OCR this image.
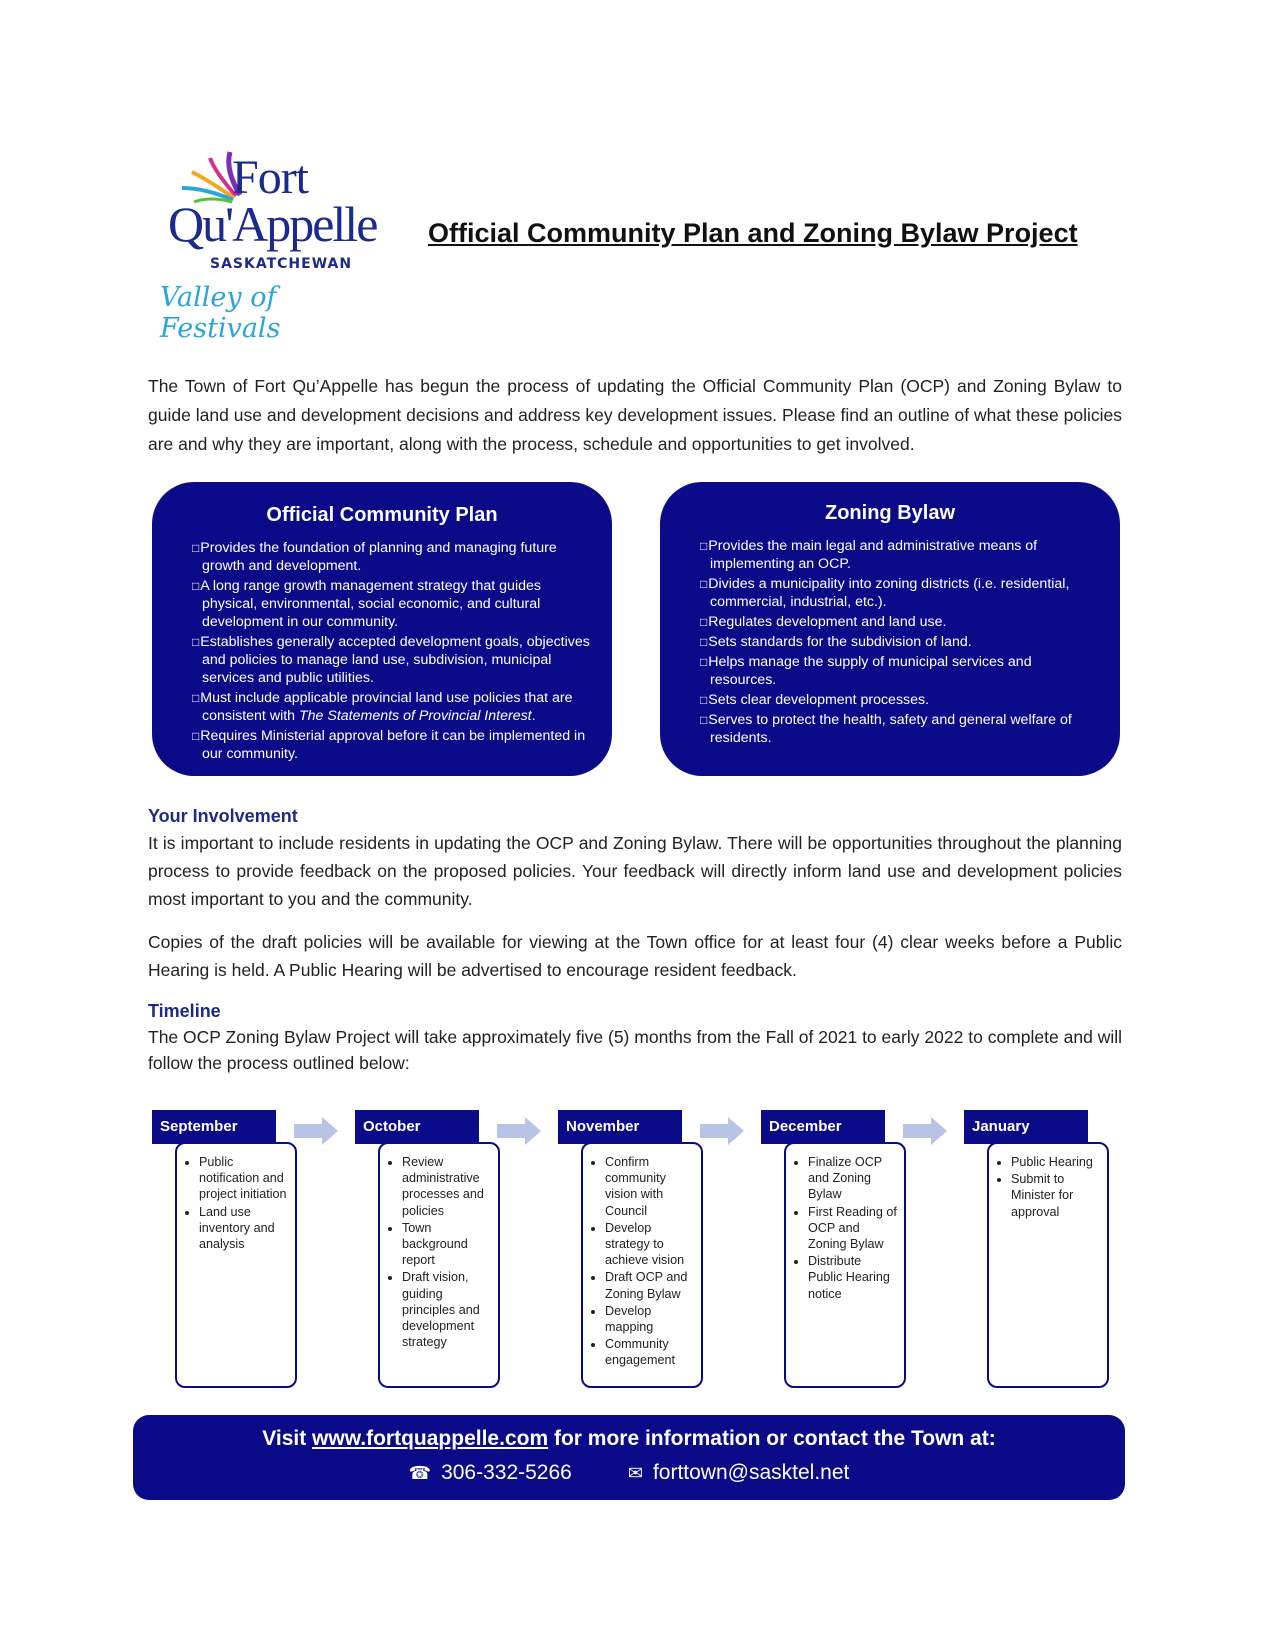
Fort
Qu'Appelle
SASKATCHEWAN
Valley of Festivals
Official Community Plan and Zoning Bylaw Project
The Town of Fort Qu’Appelle has begun the process of updating the Official Community Plan (OCP) and Zoning Bylaw to guide land use and development decisions and address key development issues. Please find an outline of what these policies are and why they are important, along with the process, schedule and opportunities to get involved.
Official Community Plan
□ Provides the foundation of planning and managing future growth and development.
□ A long range growth management strategy that guides physical, environmental, social economic, and cultural development in our community.
□ Establishes generally accepted development goals, objectives and policies to manage land use, subdivision, municipal services and public utilities.
□ Must include applicable provincial land use policies that are consistent with The Statements of Provincial Interest.
□ Requires Ministerial approval before it can be implemented in our community.
Zoning Bylaw
□ Provides the main legal and administrative means of implementing an OCP.
□ Divides a municipality into zoning districts (i.e. residential, commercial, industrial, etc.).
□ Regulates development and land use.
□ Sets standards for the subdivision of land.
□ Helps manage the supply of municipal services and resources.
□ Sets clear development processes.
□ Serves to protect the health, safety and general welfare of residents.
Your Involvement
It is important to include residents in updating the OCP and Zoning Bylaw. There will be opportunities throughout the planning process to provide feedback on the proposed policies. Your feedback will directly inform land use and development policies most important to you and the community.
Copies of the draft policies will be available for viewing at the Town office for at least four (4) clear weeks before a Public Hearing is held. A Public Hearing will be advertised to encourage resident feedback.
Timeline
The OCP Zoning Bylaw Project will take approximately five (5) months from the Fall of 2021 to early 2022 to complete and will follow the process outlined below:
• Public notification and project initiation
• Land use inventory and analysis
• Review administrative processes and policies
• Town background report
• Draft vision, guiding principles and development strategy
• Confirm community vision with Council
• Develop strategy to achieve vision
• Draft OCP and Zoning Bylaw
• Develop mapping
• Community engagement
• Finalize OCP and Zoning Bylaw
• First Reading of OCP and Zoning Bylaw
• Distribute Public Hearing notice
• Public Hearing
• Submit to Minister for approval
September	October	November	December	January
Visit www.fortquappelle.com for more information or contact the Town at:
☎ 306-332-5266	✉ forttown@sasktel.net
